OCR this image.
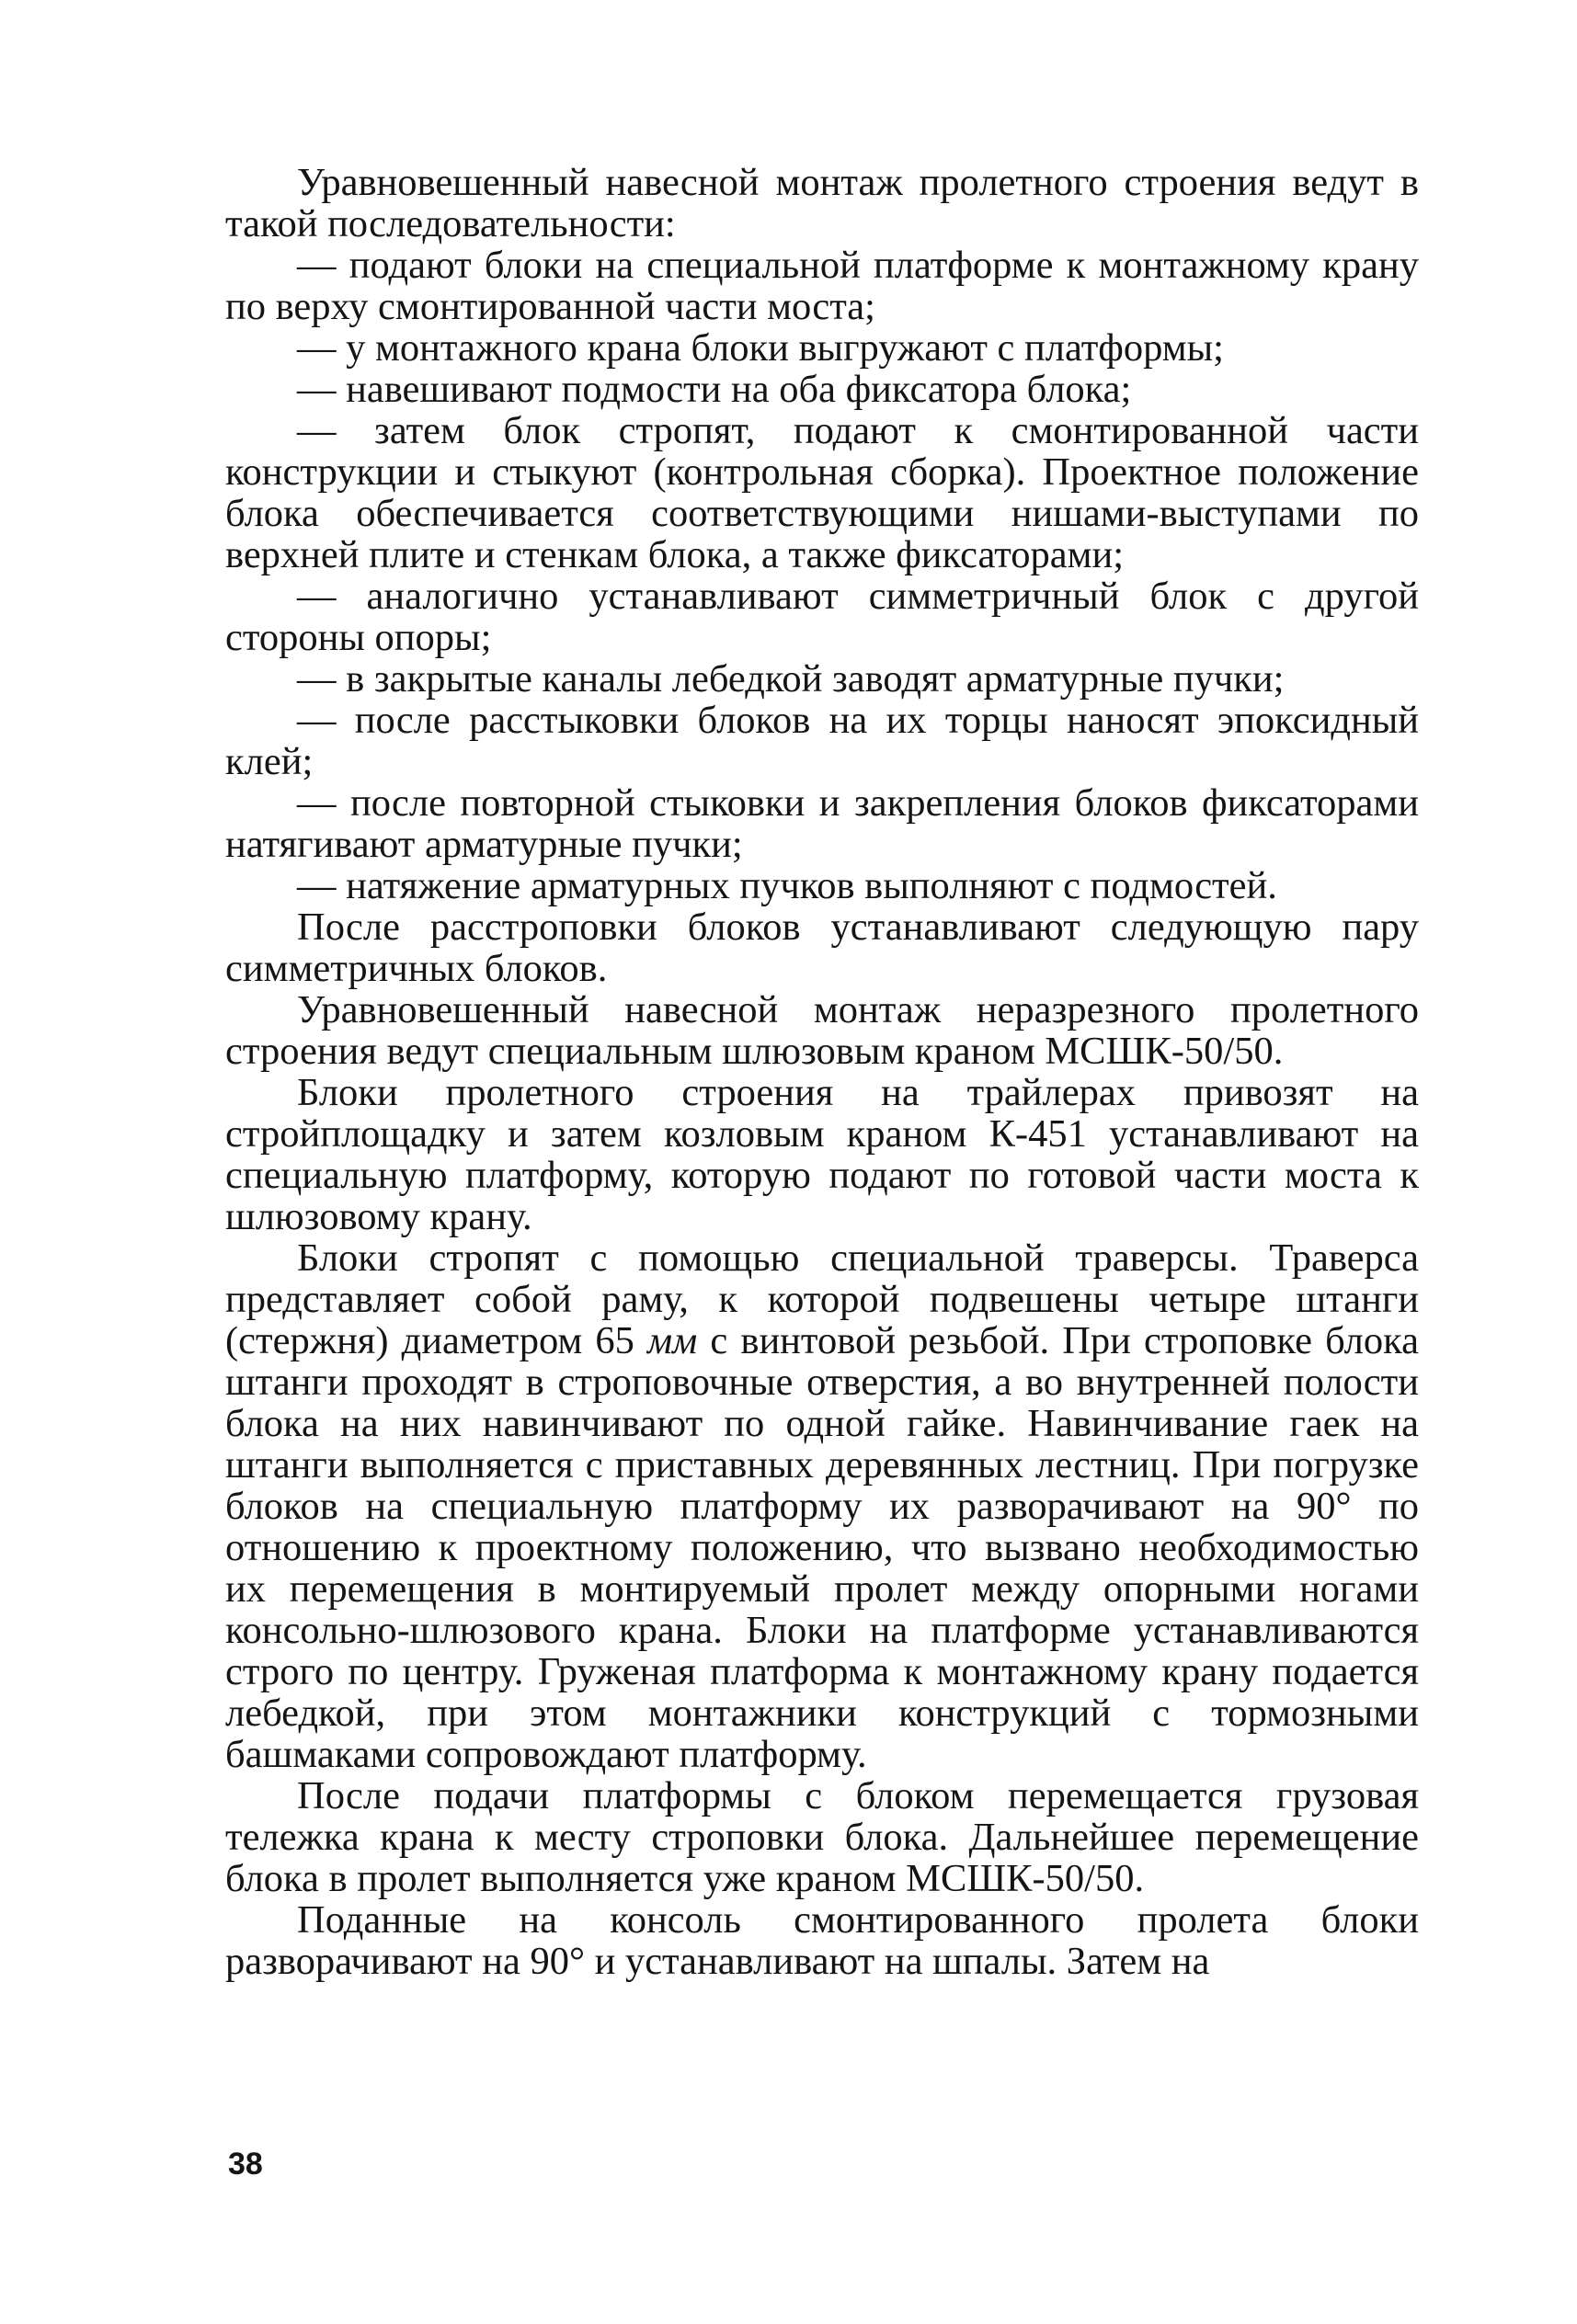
Уравновешенный навесной монтаж пролетного строения ведут в такой последовательности:

— подают блоки на специальной платформе к монтажному крану по верху смонтированной части моста;

— у монтажного крана блоки выгружают с платформы;

— навешивают подмости на оба фиксатора блока;

— затем блок стропят, подают к смонтированной части конструкции и стыкуют (контрольная сборка). Проектное положение блока обеспечивается соответствующими нишами-выступами по верхней плите и стенкам блока, а также фиксаторами;

— аналогично устанавливают симметричный блок с другой стороны опоры;

— в закрытые каналы лебедкой заводят арматурные пучки;

— после расстыковки блоков на их торцы наносят эпоксидный клей;

— после повторной стыковки и закрепления блоков фиксаторами натягивают арматурные пучки;

— натяжение арматурных пучков выполняют с подмостей.

После расстроповки блоков устанавливают следующую пару симметричных блоков.

Уравновешенный навесной монтаж неразрезного пролетного строения ведут специальным шлюзовым краном МСШК-50/50.

Блоки пролетного строения на трайлерах привозят на стройплощадку и затем козловым краном К-451 устанавливают на специальную платформу, которую подают по готовой части моста к шлюзовому крану.

Блоки стропят с помощью специальной траверсы. Траверса представляет собой раму, к которой подвешены четыре штанги (стержня) диаметром 65 мм с винтовой резьбой. При строповке блока штанги проходят в строповочные отверстия, а во внутренней полости блока на них навинчивают по одной гайке. Навинчивание гаек на штанги выполняется с приставных деревянных лестниц. При погрузке блоков на специальную платформу их разворачивают на 90° по отношению к проектному положению, что вызвано необходимостью их перемещения в монтируемый пролет между опорными ногами консольно-шлюзового крана. Блоки на платформе устанавливаются строго по центру. Груженая платформа к монтажному крану подается лебедкой, при этом монтажники конструкций с тормозными башмаками сопровождают платформу.

После подачи платформы с блоком перемещается грузовая тележка крана к месту строповки блока. Дальнейшее перемещение блока в пролет выполняется уже краном МСШК-50/50.

Поданные на консоль смонтированного пролета блоки разворачивают на 90° и устанавливают на шпалы. Затем на

38
